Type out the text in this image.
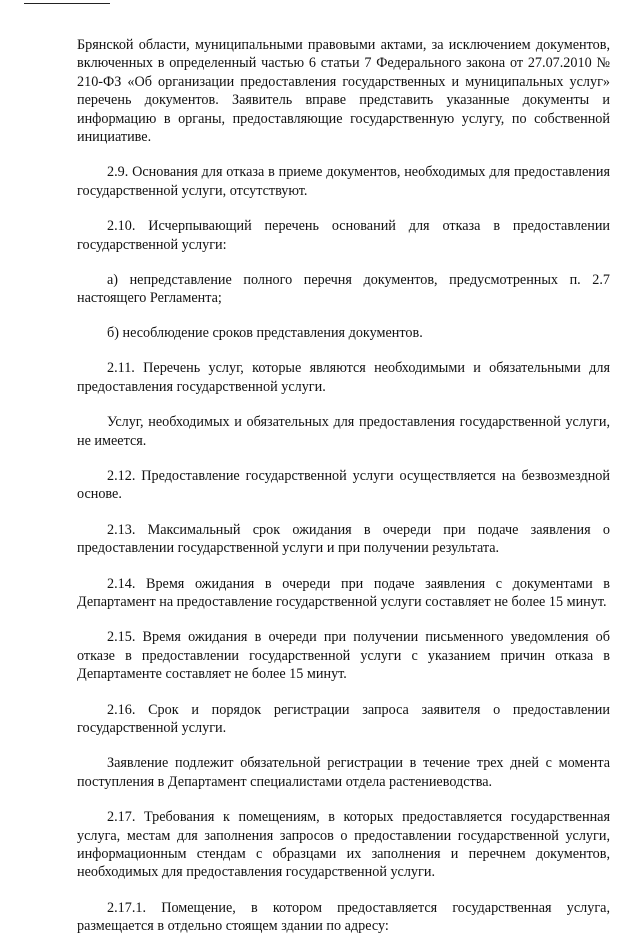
Брянской области, муниципальными правовыми актами, за исключением документов, включенных в определенный частью 6 статьи 7 Федерального закона от 27.07.2010 № 210-ФЗ «Об организации предоставления государственных и муниципальных услуг» перечень документов. Заявитель вправе представить указанные документы и информацию в органы, предоставляющие государственную услугу, по собственной инициативе.

2.9. Основания для отказа в приеме документов, необходимых для предоставления государственной услуги, отсутствуют.

2.10. Исчерпывающий перечень оснований для отказа в предоставлении государственной услуги:

а) непредставление полного перечня документов, предусмотренных п. 2.7 настоящего Регламента;

б) несоблюдение сроков представления документов.

2.11. Перечень услуг, которые являются необходимыми и обязательными для предоставления государственной услуги.

Услуг, необходимых и обязательных для предоставления государственной услуги, не имеется.

2.12. Предоставление государственной услуги осуществляется на безвозмездной основе.

2.13. Максимальный срок ожидания в очереди при подаче заявления о предоставлении государственной услуги и при получении результата.

2.14. Время ожидания в очереди при подаче заявления с документами в Департамент на предоставление государственной услуги составляет не более 15 минут.

2.15. Время ожидания в очереди при получении письменного уведомления об отказе в предоставлении государственной услуги с указанием причин отказа в Департаменте составляет не более 15 минут.

2.16. Срок и порядок регистрации запроса заявителя о предоставлении государственной услуги.

Заявление подлежит обязательной регистрации в течение трех дней с момента поступления в Департамент специалистами отдела растениеводства.

2.17. Требования к помещениям, в которых предоставляется государственная услуга, местам для заполнения запросов о предоставлении государственной услуги, информационным стендам с образцами их заполнения и перечнем документов, необходимых для предоставления государственной услуги.

2.17.1. Помещение, в котором предоставляется государственная услуга, размещается в отдельно стоящем здании по адресу:
